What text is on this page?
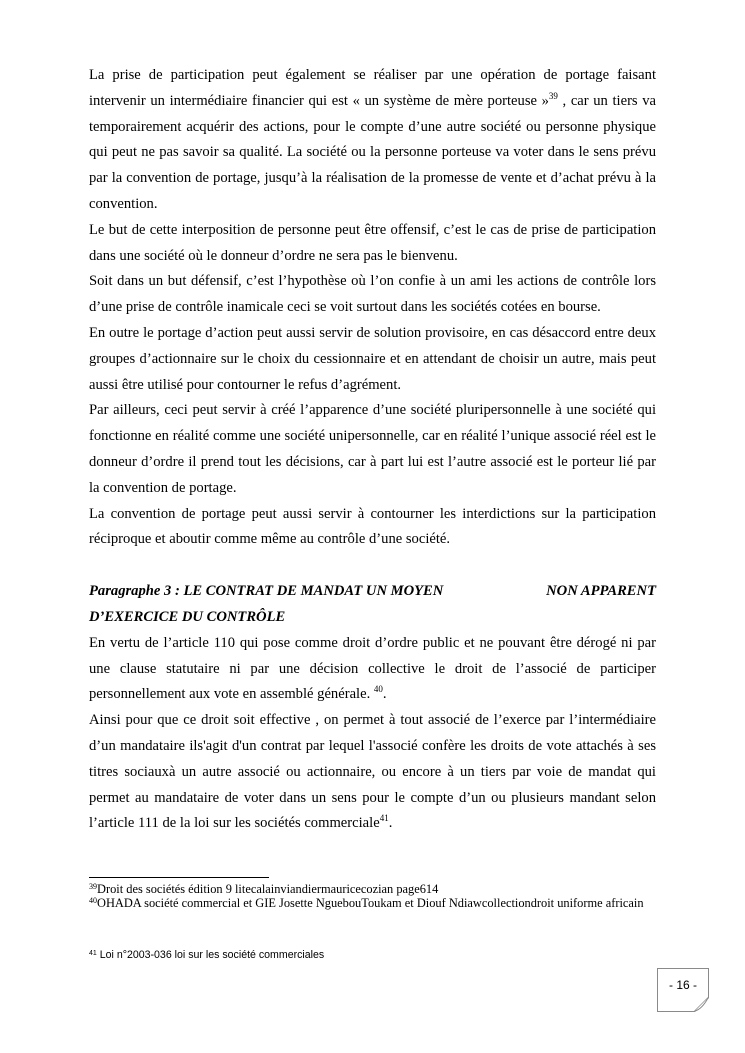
La prise de participation peut également se réaliser par une opération de portage faisant intervenir un intermédiaire financier qui est « un système de mère porteuse »$^{39}$ , car un tiers va temporairement acquérir des actions, pour le compte d’une autre société ou personne physique qui peut ne pas savoir sa qualité. La société ou la personne porteuse va voter dans le sens prévu par la convention de portage, jusqu’à la réalisation de la promesse de vente et d’achat prévu à la convention.

Le but de cette interposition de personne peut être offensif, c’est le cas de prise de participation dans une société où le donneur d’ordre ne sera pas le bienvenu.

Soit dans un but défensif, c’est l’hypothèse où l’on confie à un ami les actions de contrôle lors d’une prise de contrôle inamicale ceci se voit surtout dans les sociétés cotées en bourse.

En outre le portage d’action peut aussi servir de solution provisoire, en cas désaccord entre deux groupes d’actionnaire sur le choix du cessionnaire et en attendant de choisir un autre, mais peut aussi être utilisé pour contourner le refus d’agrément.

Par ailleurs, ceci peut servir à créé l’apparence d’une société pluripersonnelle à une société qui fonctionne en réalité comme une société unipersonnelle, car en réalité l’unique associé réel est le donneur d’ordre il prend tout les décisions, car à part lui est l’autre associé est le porteur lié par la convention de portage.

La convention de portage peut aussi servir à contourner les interdictions sur la participation réciproque et aboutir comme même au contrôle d’une société.

Paragraphe 3 : LE CONTRAT DE MANDAT UN MOYEN	NON APPARENT
D’EXERCICE DU CONTRÔLE

En vertu de l’article 110 qui pose comme droit d’ordre public et ne pouvant être dérogé ni par une clause statutaire ni par une décision collective le droit de l’associé de participer personnellement aux vote en assemblé générale. $^{40}$.

Ainsi pour que ce droit soit effective , on permet à tout associé de l’exerce par l’intermédiaire d’un mandataire ils'agit d'un contrat par lequel l'associé confère les droits de vote attachés à ses titres sociauxà un autre associé ou actionnaire, ou encore à un tiers par voie de mandat qui permet au mandataire de voter dans un sens pour le compte d’un ou plusieurs mandant selon l’article 111 de la loi sur les sociétés commerciale$^{41}$.

$^{39}$Droit des sociétés édition 9 litecalainviandiermauricecozian page614

$^{40}$OHADA société commercial et GIE Josette NguebouToukam et Diouf Ndiawcollectiondroit uniforme africain

$^{41}$ Loi n°2003-036 loi sur les société commerciales
- 16 -
